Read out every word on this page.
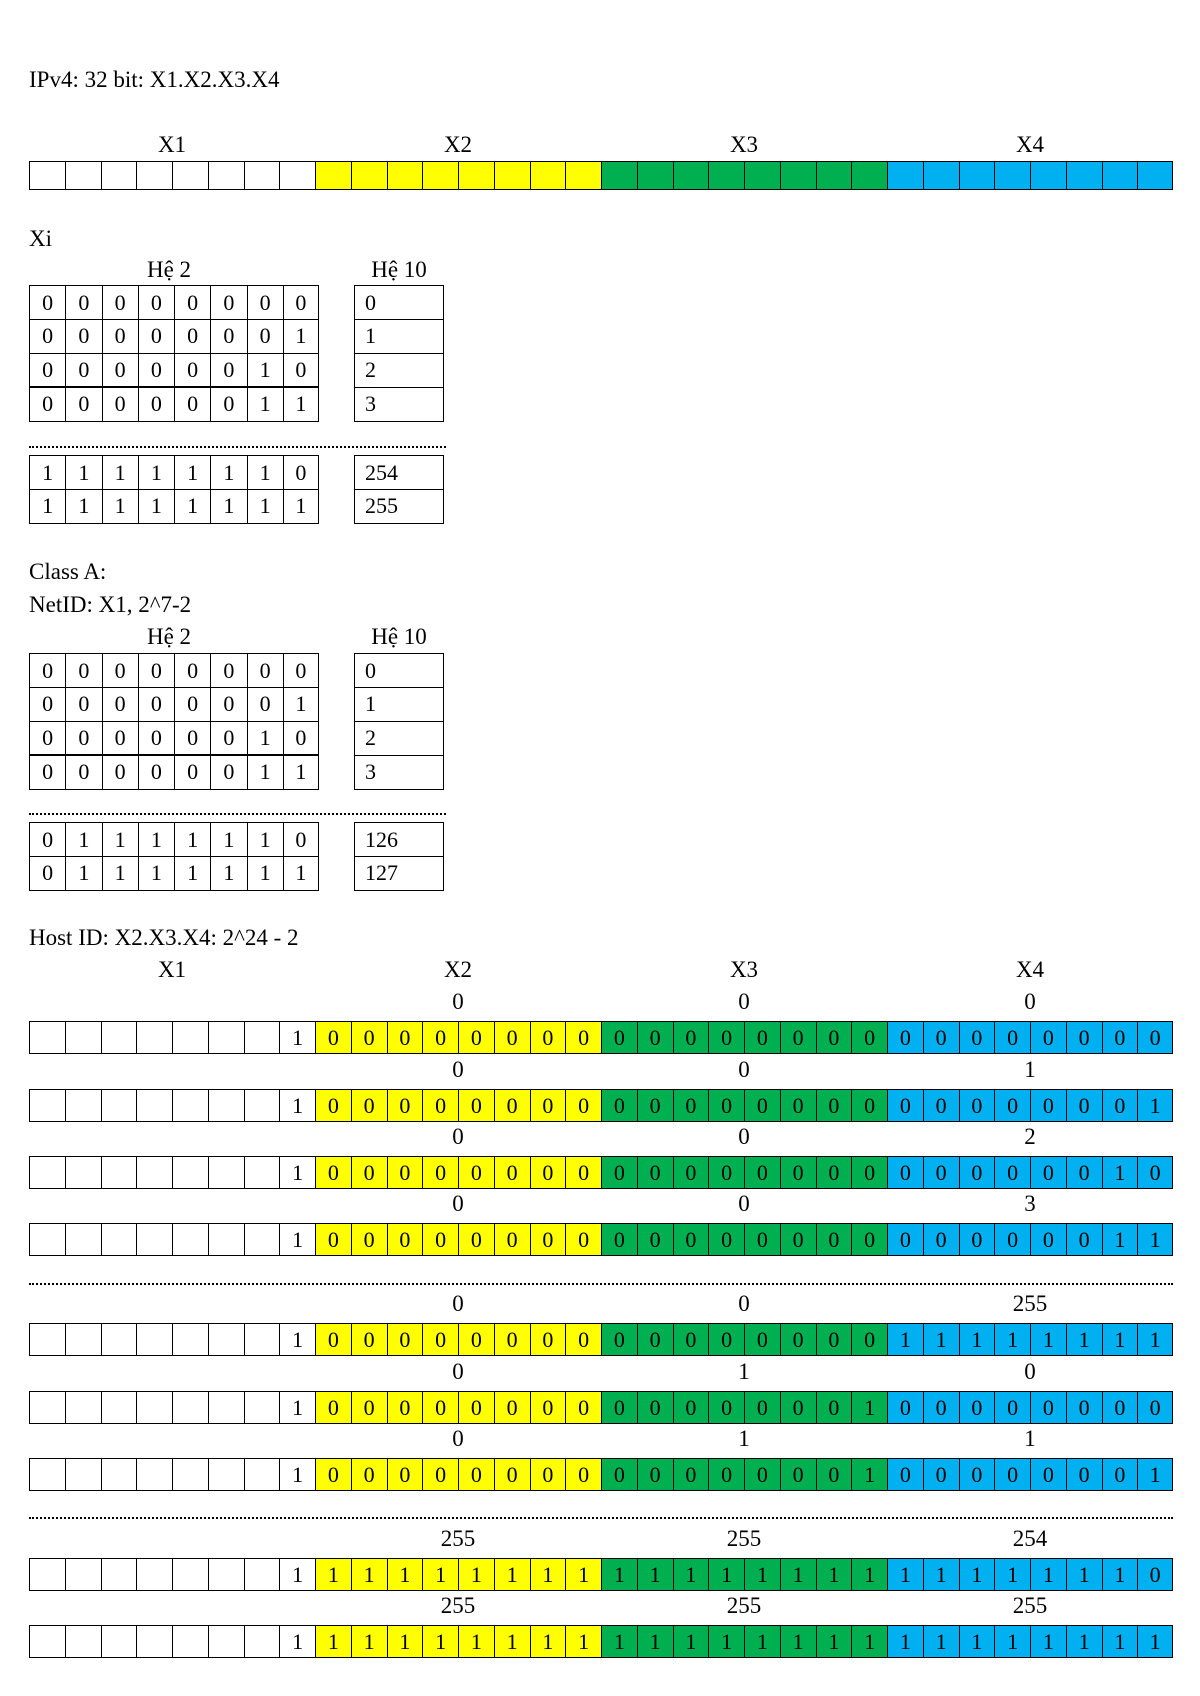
IPv4: 32 bit: X1.X2.X3.X4
X1	X2	X3	X4
Xi
Hệ 2	Hệ 10
0	0	0	0	0	0	0	0	0
0	0	0	0	0	0	0	1	1
0	0	0	0	0	0	1	0	2
0	0	0	0	0	0	1	1	3
1	1	1	1	1	1	1	0	254
1	1	1	1	1	1	1	1	255
Class A:
NetID: X1, 2^7-2
Hệ 2	Hệ 10
0	0	0	0	0	0	0	0	0
0	0	0	0	0	0	0	1	1
0	0	0	0	0	0	1	0	2
0	0	0	0	0	0	1	1	3
0	1	1	1	1	1	1	0	126
0	1	1	1	1	1	1	1	127
Host ID: X2.X3.X4: 2^24 - 2
X1	X2	X3	X4
0	0	0
1	0	0	0	0	0	0	0	0	0	0	0	0	0	0	0	0	0	0	0	0	0	0	0	0
0	0	1
1	0	0	0	0	0	0	0	0	0	0	0	0	0	0	0	0	0	0	0	0	0	0	0	1
0	0	2
1	0	0	0	0	0	0	0	0	0	0	0	0	0	0	0	0	0	0	0	0	0	0	1	0
0	0	3
1	0	0	0	0	0	0	0	0	0	0	0	0	0	0	0	0	0	0	0	0	0	0	1	1
0	0	255
1	0	0	0	0	0	0	0	0	0	0	0	0	0	0	0	0	1	1	1	1	1	1	1	1
0	1	0
1	0	0	0	0	0	0	0	0	0	0	0	0	0	0	0	1	0	0	0	0	0	0	0	0
0	1	1
1	0	0	0	0	0	0	0	0	0	0	0	0	0	0	0	1	0	0	0	0	0	0	0	1
255	255	254
1	1	1	1	1	1	1	1	1	1	1	1	1	1	1	1	1	1	1	1	1	1	1	1	0
255	255	255
1	1	1	1	1	1	1	1	1	1	1	1	1	1	1	1	1	1	1	1	1	1	1	1	1
